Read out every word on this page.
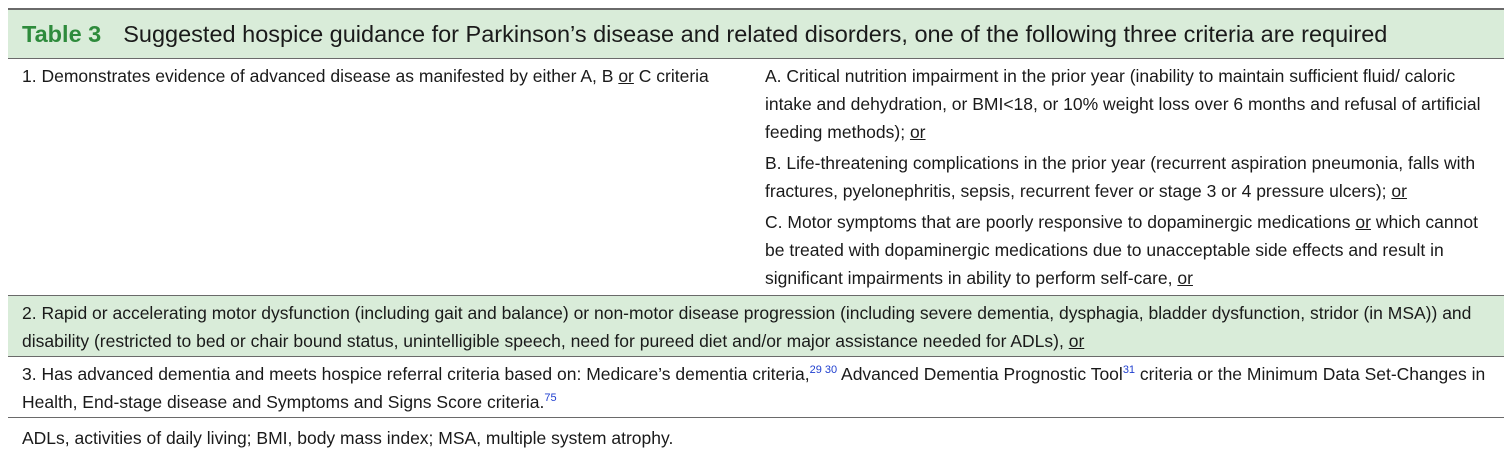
Table 3 Suggested hospice guidance for Parkinson’s disease and related disorders, one of the following three criteria are required
1. Demonstrates evidence of advanced disease as manifested by either A, B or C criteria	A. Critical nutrition impairment in the prior year (inability to maintain sufficient fluid/ caloric intake and dehydration, or BMI<18, or 10% weight loss over 6 months and refusal of artificial feeding methods); or
B. Life-threatening complications in the prior year (recurrent aspiration pneumonia, falls with fractures, pyelonephritis, sepsis, recurrent fever or stage 3 or 4 pressure ulcers); or
C. Motor symptoms that are poorly responsive to dopaminergic medications or which cannot be treated with dopaminergic medications due to unacceptable side effects and result in significant impairments in ability to perform self-care, or
2. Rapid or accelerating motor dysfunction (including gait and balance) or non-motor disease progression (including severe dementia, dysphagia, bladder dysfunction, stridor (in MSA)) and disability (restricted to bed or chair bound status, unintelligible speech, need for pureed diet and/or major assistance needed for ADLs), or
3. Has advanced dementia and meets hospice referral criteria based on: Medicare’s dementia criteria,$^{29 30}$ Advanced Dementia Prognostic Tool$^{31}$ criteria or the Minimum Data Set-Changes in Health, End-stage disease and Symptoms and Signs Score criteria.$^{75}$
ADLs, activities of daily living; BMI, body mass index; MSA, multiple system atrophy.
